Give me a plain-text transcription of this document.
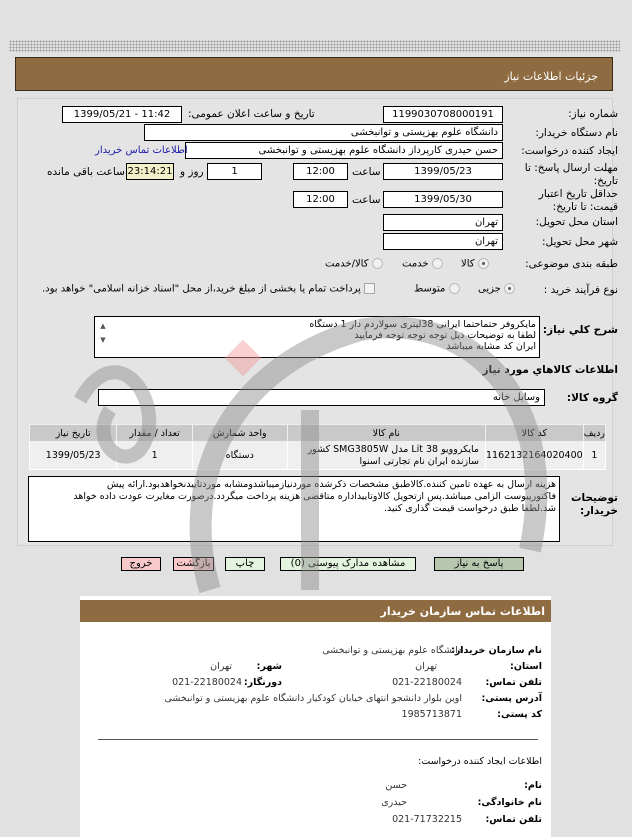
جزئیات اطلاعات نیاز
شماره نیاز:
1199030708000191
تاریخ و ساعت اعلان عمومی:
1399/05/21 - 11:42
نام دستگاه خریدار:
دانشگاه علوم بهزیستی و توانبخشی
ایجاد کننده درخواست:
حسن حیدری کارپرداز دانشگاه علوم بهزیستی و توانبخشی
اطلاعات تماس خریدار
مهلت ارسال پاسخ: تا تاریخ:
1399/05/23
ساعت
12:00
1
روز و
23:14:21
ساعت باقی مانده
حداقل تاریخ اعتبار قیمت: تا تاریخ:
1399/05/30
ساعت
12:00
استان محل تحویل:
تهران
شهر محل تحویل:
تهران
طبقه بندی موضوعی:
کالا
خدمت
کالا/خدمت
نوع فرآیند خرید :
جزیی
متوسط
پرداخت تمام یا بخشی از مبلغ خرید،از محل "اسناد خزانه اسلامی" خواهد بود.
شرح کلي نياز:
مایکروفر حتماحتما ایرانی 38لیتری سولاردم دار 1 دستگاه
لطفا به توضیحات ذیل توجه توجه توجه فرمایید
ایران کد مشابه میباشد
▲
▼
اطلاعات کالاهاي مورد نياز
گروه کالا:
وسایل خانه
ردیف	کد کالا	نام کالا	واحد شمارش	تعداد / مقدار	تاریخ نیاز
1	1162132164020400	مایکروویو 38 Lit مدل SMG3805W کشور سازنده ایران نام تجارتی اسنوا	دستگاه	1	1399/05/23
توضیحات خریدار:
هزینه ارسال به عهده تامین کننده.کالاطبق مشخصات ذکرشده موردنیازمیباشدومشابه موردتاییدنخواهدبود.ارائه پیش
فاکتورپیوست الزامی میباشد.پس ازتحویل کالاوتاییداداره متاقضی هزینه پرداخت میگردد.درصورت مغایرت عودت داده خواهد
شد.لطفا طبق درخواست قیمت گذاری کنید.
پاسخ به نیاز
مشاهده مدارک پیوستی (0)
چاپ
بازگشت
خروج
اطلاعات تماس سازمان خریدار
نام سازمان خریدار:
دانشگاه علوم بهزیستی و توانبخشی
استان:
تهران
شهر:
تهران
تلفن تماس:
021-22180024
دورنگار:
021-22180024
آدرس پستی:
اوین بلوار دانشجو انتهای خیابان کودکیار دانشگاه علوم بهزیستی و توانبخشی
کد پستی:
1985713871
اطلاعات ایجاد کننده درخواست:
نام:
حسن
نام خانوادگی:
حیدری
تلفن تماس:
021-71732215
